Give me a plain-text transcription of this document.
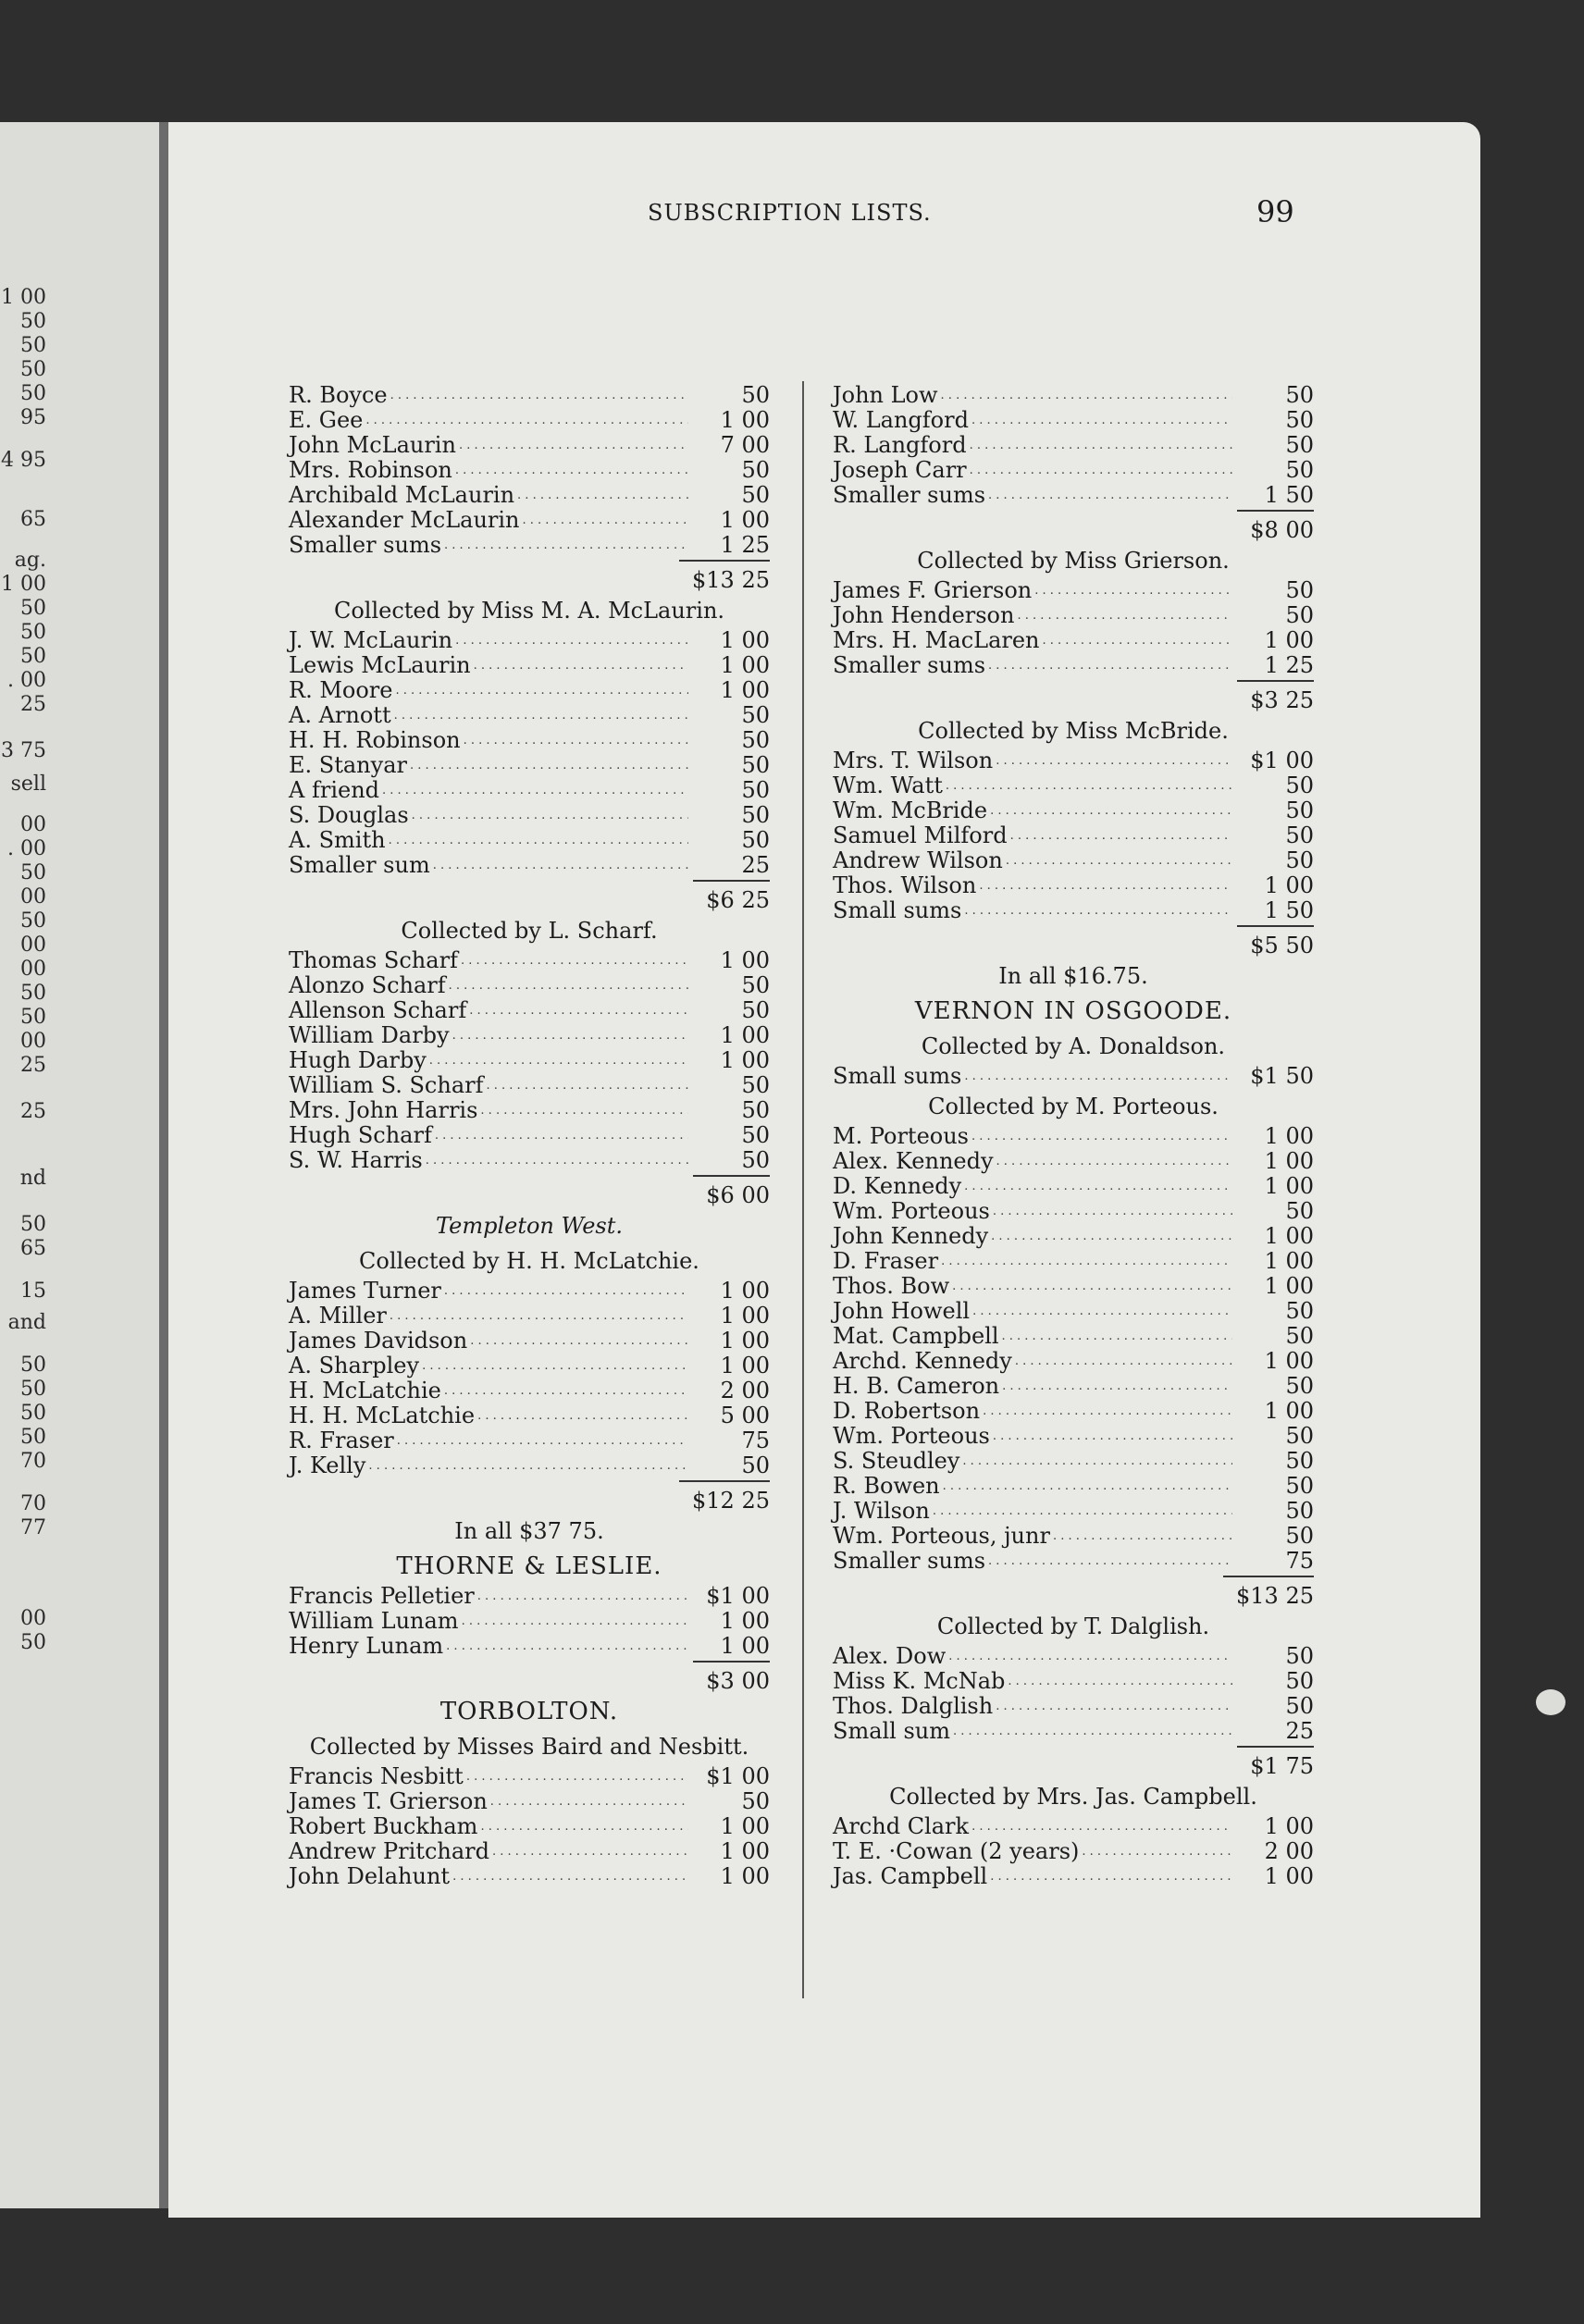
1 00
50
50
50
50
95
4 95
65
ag.
1 00
50
50
50
. 00
25
3 75
sell
00
. 00
50
00
50
00
00
50
50
00
25
25
nd
50
65
15
and
50
50
50
50
70
70
77
00
50
SUBSCRIPTION LISTS.	99
R. Boyce . . .	50
E. Gee . . .	1 00
John McLaurin . . .	7 00
Mrs. Robinson . . .	50
Archibald McLaurin . . .	50
Alexander McLaurin . . .	1 00
Smaller sums . . .	1 25
$13 25
Collected by Miss M. A. McLaurin.
J. W. McLaurin . . .	1 00
Lewis McLaurin . . .	1 00
R. Moore . . .	1 00
A. Arnott . . .	50
H. H. Robinson . . .	50
E. Stanyar . . .	50
A friend . . .	50
S. Douglas . . .	50
A. Smith . . .	50
Smaller sum . . .	25
$6 25
Collected by L. Scharf.
Thomas Scharf . . .	1 00
Alonzo Scharf . . .	50
Allenson Scharf . . .	50
William Darby . . .	1 00
Hugh Darby . . .	1 00
William S. Scharf . . .	50
Mrs. John Harris . . .	50
Hugh Scharf . . .	50
S. W. Harris . . .	50
$6 00
Templeton West.
Collected by H. H. McLatchie.
James Turner . . .	1 00
A. Miller . . .	1 00
James Davidson . . .	1 00
A. Sharpley . . .	1 00
H. McLatchie . . .	2 00
H. H. McLatchie . . .	5 00
R. Fraser . . .	75
J. Kelly . . .	50
$12 25
In all $37 75.
THORNE & LESLIE.
Francis Pelletier . . .	$1 00
William Lunam . . .	1 00
Henry Lunam . . .	1 00
$3 00
TORBOLTON.
Collected by Misses Baird and Nesbitt.
Francis Nesbitt . . .	$1 00
James T. Grierson . . .	50
Robert Buckham . . .	1 00
Andrew Pritchard . . .	1 00
John Delahunt . . .	1 00
John Low . . .	50
W. Langford . . .	50
R. Langford . . .	50
Joseph Carr . . .	50
Smaller sums . . .	1 50
$8 00
Collected by Miss Grierson.
James F. Grierson . . .	50
John Henderson . . .	50
Mrs. H. MacLaren . . .	1 00
Smaller sums . . .	1 25
$3 25
Collected by Miss McBride.
Mrs. T. Wilson . . .	$1 00
Wm. Watt . . .	50
Wm. McBride . . .	50
Samuel Milford . . .	50
Andrew Wilson . . .	50
Thos. Wilson . . .	1 00
Small sums . . .	1 50
$5 50
In all $16.75.
VERNON IN OSGOODE.
Collected by A. Donaldson.
Small sums . . .	$1 50
Collected by M. Porteous.
M. Porteous . . .	1 00
Alex. Kennedy . . .	1 00
D. Kennedy . . .	1 00
Wm. Porteous . . .	50
John Kennedy . . .	1 00
D. Fraser . . .	1 00
Thos. Bow . . .	1 00
John Howell . . .	50
Mat. Campbell . . .	50
Archd. Kennedy . . .	1 00
H. B. Cameron . . .	50
D. Robertson . . .	1 00
Wm. Porteous . . .	50
S. Steudley . . .	50
R. Bowen . . .	50
J. Wilson . . .	50
Wm. Porteous, junr . . .	50
Smaller sums . . .	75
$13 25
Collected by T. Dalglish.
Alex. Dow . . .	50
Miss K. McNab . . .	50
Thos. Dalglish . . .	50
Small sum . . .	25
$1 75
Collected by Mrs. Jas. Campbell.
Archd Clark . . .	1 00
T. E. ·Cowan (2 years) . . .	2 00
Jas. Campbell . . .	1 00
